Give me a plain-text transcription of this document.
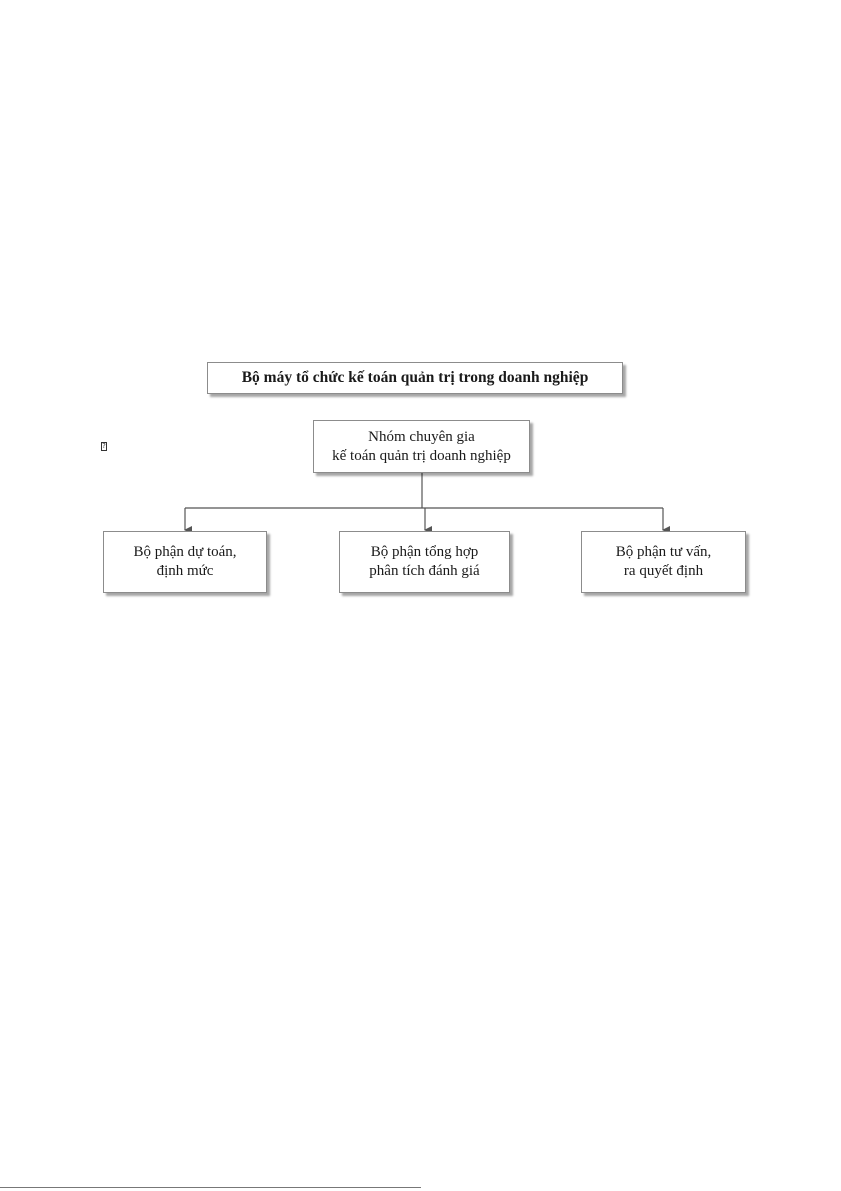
Bộ máy tổ chức kế toán quản trị trong doanh nghiệp
?
Nhóm chuyên gia
kế toán quản trị doanh nghiệp
Bộ phận dự toán,
định mức
Bộ phận tổng hợp
phân tích đánh giá
Bộ phận tư vấn,
ra quyết định
